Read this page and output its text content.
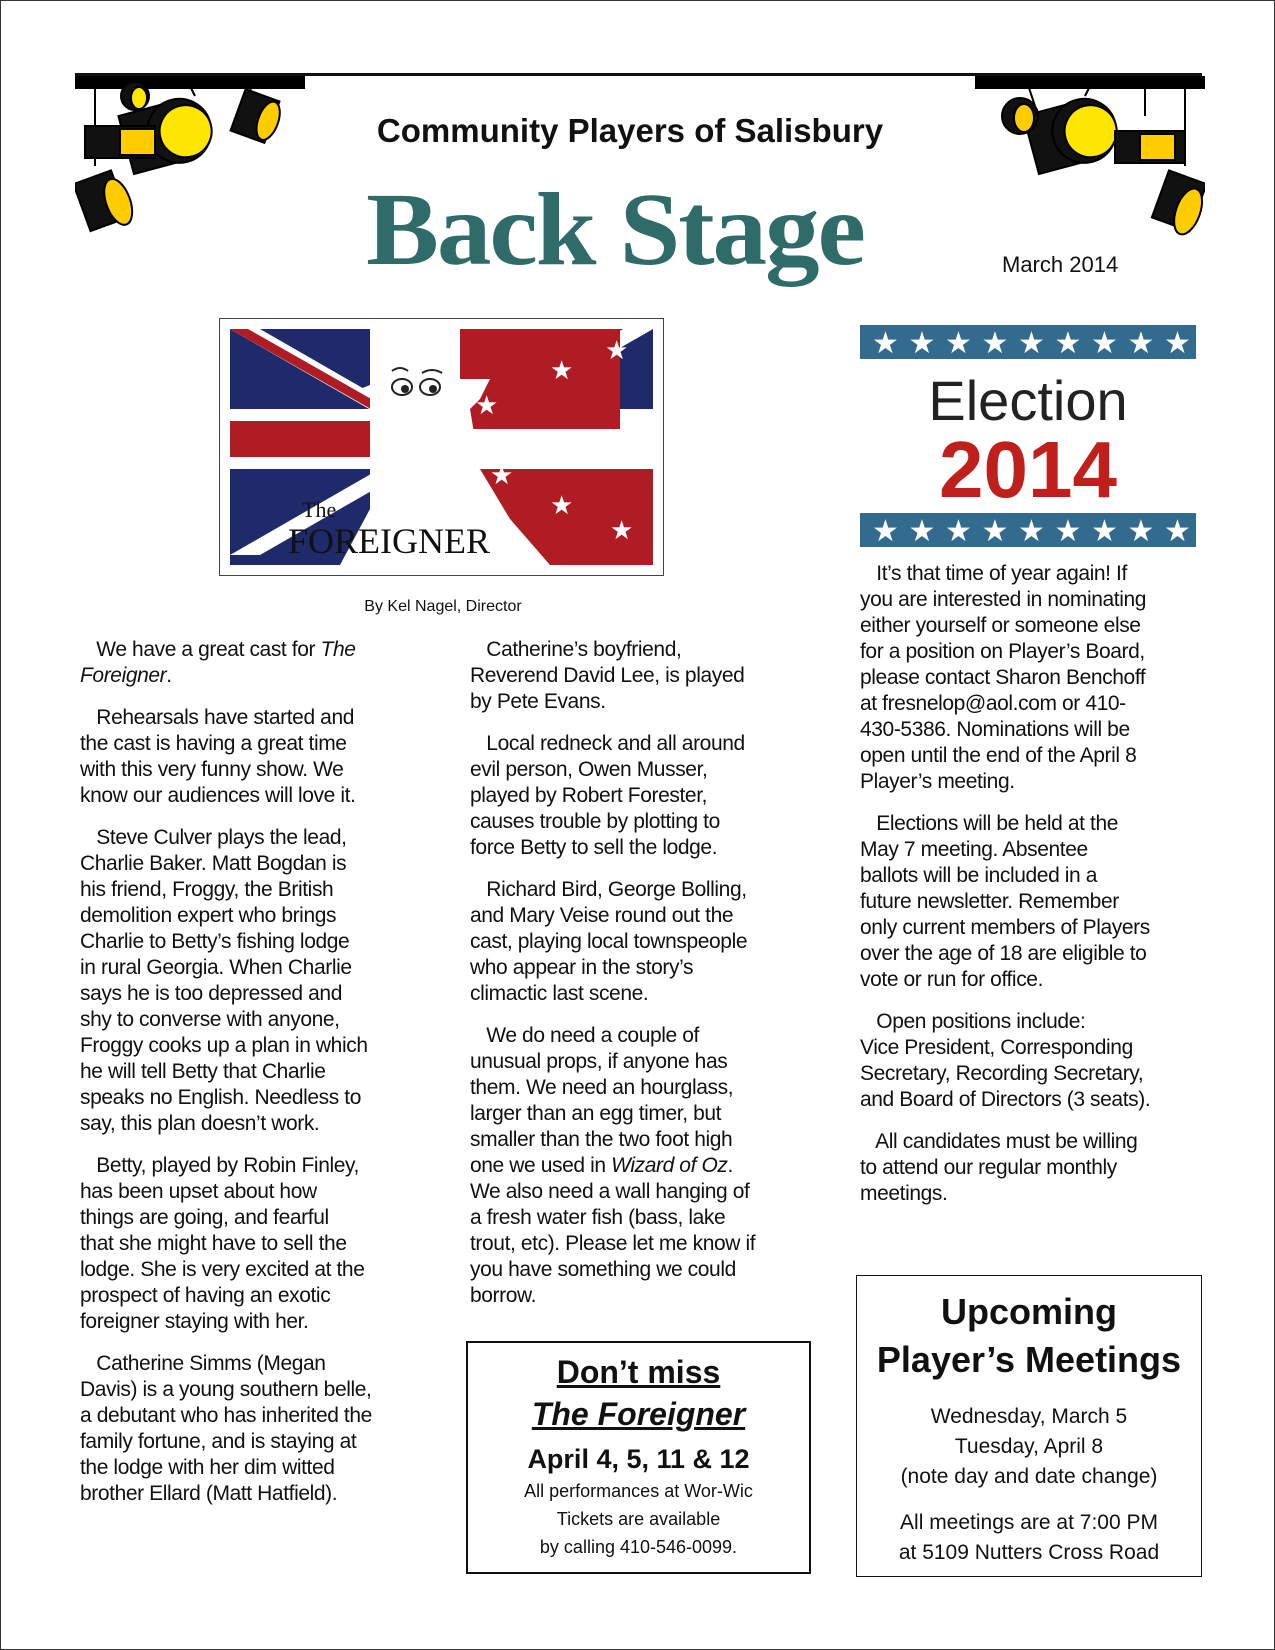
Community Players of Salisbury
Back Stage	March 2014
★
★
★
★
★
★
★
The
FOREIGNER
By Kel Nagel, Director
★ ★ ★ ★ ★ ★ ★ ★ ★
★ ★ ★ ★ ★ ★ ★ ★ ★
Election
2014

We have a great cast for The
Foreigner.

Rehearsals have started and
the cast is having a great time
with this very funny show. We
know our audiences will love it.

Steve Culver plays the lead,
Charlie Baker. Matt Bogdan is
his friend, Froggy, the British
demolition expert who brings
Charlie to Betty’s fishing lodge
in rural Georgia. When Charlie
says he is too depressed and
shy to converse with anyone,
Froggy cooks up a plan in which
he will tell Betty that Charlie
speaks no English. Needless to
say, this plan doesn’t work.

Betty, played by Robin Finley,
has been upset about how
things are going, and fearful
that she might have to sell the
lodge. She is very excited at the
prospect of having an exotic
foreigner staying with her.

Catherine Simms (Megan
Davis) is a young southern belle,
a debutant who has inherited the
family fortune, and is staying at
the lodge with her dim witted
brother Ellard (Matt Hatfield).

Catherine’s boyfriend,
Reverend David Lee, is played
by Pete Evans.

Local redneck and all around
evil person, Owen Musser,
played by Robert Forester,
causes trouble by plotting to
force Betty to sell the lodge.

Richard Bird, George Bolling,
and Mary Veise round out the
cast, playing local townspeople
who appear in the story’s
climactic last scene.

We do need a couple of
unusual props, if anyone has
them. We need an hourglass,
larger than an egg timer, but
smaller than the two foot high
one we used in Wizard of Oz.
We also need a wall hanging of
a fresh water fish (bass, lake
trout, etc). Please let me know if
you have something we could
borrow.

It’s that time of year again! If
you are interested in nominating
either yourself or someone else
for a position on Player’s Board,
please contact Sharon Benchoff
at fresnelop@aol.com or 410-
430-5386. Nominations will be
open until the end of the April 8
Player’s meeting.

Elections will be held at the
May 7 meeting. Absentee
ballots will be included in a
future newsletter. Remember
only current members of Players
over the age of 18 are eligible to
vote or run for office.

Open positions include:
Vice President, Corresponding
Secretary, Recording Secretary,
and Board of Directors (3 seats).

All candidates must be willing
to attend our regular monthly
meetings.

Don’t miss
The Foreigner
April 4, 5, 11 & 12
All performances at Wor-Wic
Tickets are available
by calling 410-546-0099.
Upcoming
Player’s Meetings
Wednesday, March 5
Tuesday, April 8
(note day and date change)
All meetings are at 7:00 PM
at 5109 Nutters Cross Road
